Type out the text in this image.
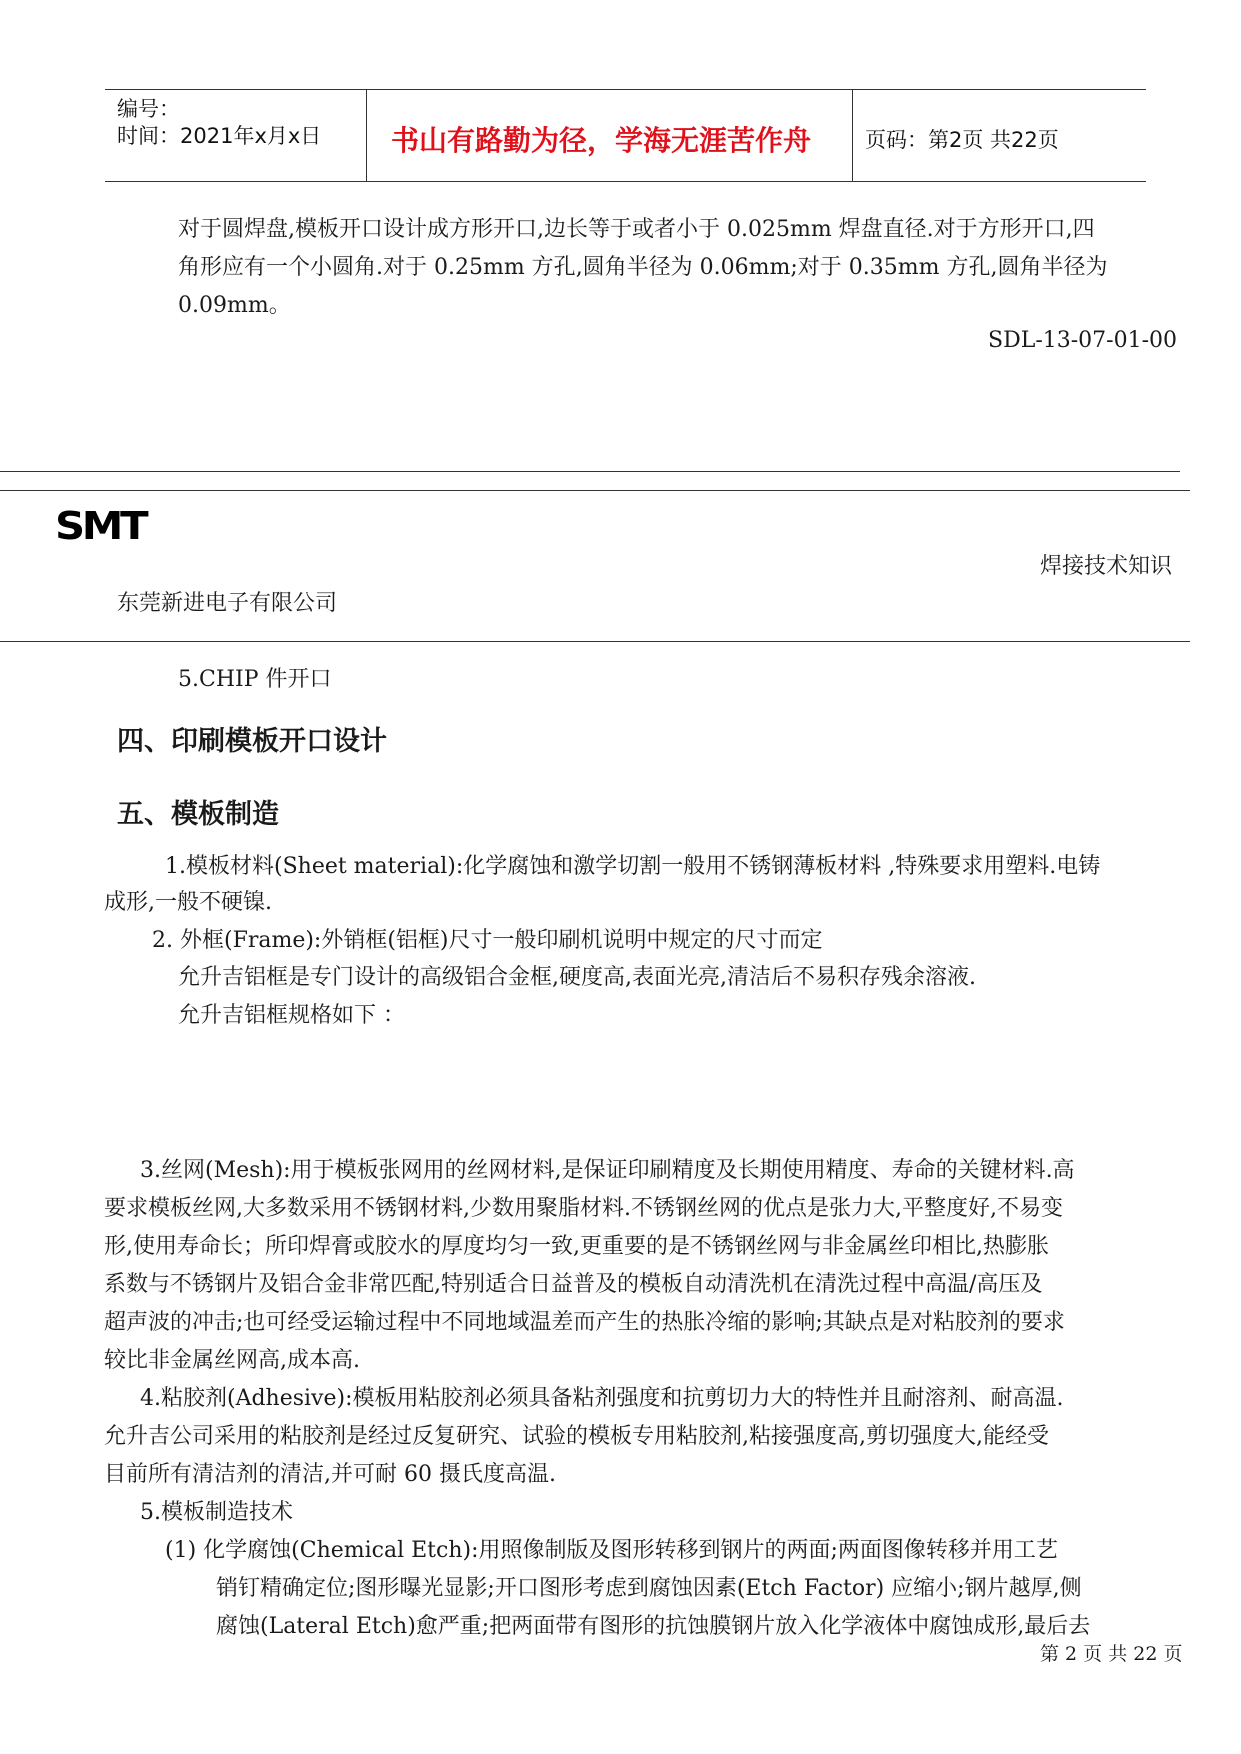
编号：
时间：2021年x月x日 书山有路勤为径，学海无涯苦作舟	页码：第2页 共22页
对于圆焊盘,模板开口设计成方形开口,边长等于或者小于 0.025mm 焊盘直径.对于方形开口,四
角形应有一个小圆角.对于 0.25mm 方孔,圆角半径为 0.06mm;对于 0.35mm 方孔,圆角半径为
0.09mm。
SDL-13-07-01-00
SMT
焊接技术知识
东莞新进电子有限公司
5.CHIP 件开口
四、印刷模板开口设计
五、模板制造
1.模板材料(Sheet material):化学腐蚀和激学切割一般用不锈钢薄板材料 ,特殊要求用塑料.电铸
成形,一般不硬镍.
2. 外框(Frame):外销框(铝框)尺寸一般印刷机说明中规定的尺寸而定
允升吉铝框是专门设计的高级铝合金框,硬度高,表面光亮,清洁后不易积存残余溶液.
允升吉铝框规格如下 ：
3.丝网(Mesh):用于模板张网用的丝网材料,是保证印刷精度及长期使用精度、寿命的关键材料.高
要求模板丝网,大多数采用不锈钢材料,少数用聚脂材料.不锈钢丝网的优点是张力大,平整度好,不易变
形,使用寿命长；所印焊膏或胶水的厚度均匀一致,更重要的是不锈钢丝网与非金属丝印相比,热膨胀
系数与不锈钢片及铝合金非常匹配,特别适合日益普及的模板自动清洗机在清洗过程中高温/高压及
超声波的冲击;也可经受运输过程中不同地域温差而产生的热胀冷缩的影响;其缺点是对粘胶剂的要求
较比非金属丝网高,成本高.
4.粘胶剂(Adhesive):模板用粘胶剂必须具备粘剂强度和抗剪切力大的特性并且耐溶剂、耐高温.
允升吉公司采用的粘胶剂是经过反复研究、试验的模板专用粘胶剂,粘接强度高,剪切强度大,能经受
目前所有清洁剂的清洁,并可耐 60 摄氏度高温.
5.模板制造技术
(1) 化学腐蚀(Chemical Etch):用照像制版及图形转移到钢片的两面;两面图像转移并用工艺
销钉精确定位;图形曝光显影;开口图形考虑到腐蚀因素(Etch Factor) 应缩小;钢片越厚,侧
腐蚀(Lateral Etch)愈严重;把两面带有图形的抗蚀膜钢片放入化学液体中腐蚀成形,最后去
第 2 页 共 22 页
